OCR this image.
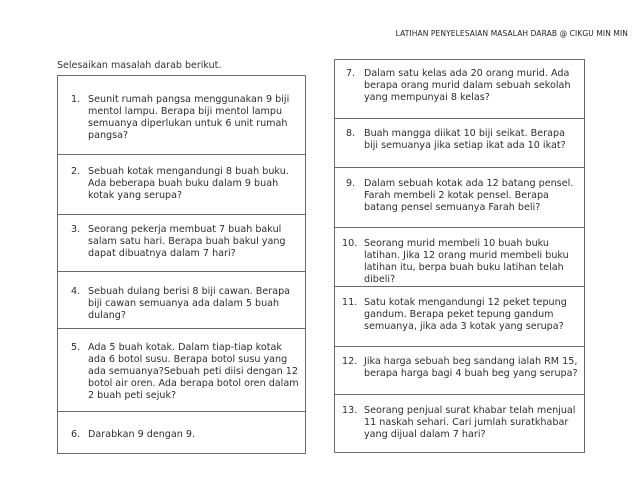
LATIHAN PENYELESAIAN MASALAH DARAB @ CIKGU MIN MIN
Selesaikan masalah darab berikut.
1. Seunit rumah pangsa menggunakan 9 biji mentol lampu. Berapa biji mentol lampu semuanya diperlukan untuk 6 unit rumah pangsa?
2. Sebuah kotak mengandungi 8 buah buku. Ada beberapa buah buku dalam 9 buah kotak yang serupa?
3. Seorang pekerja membuat 7 buah bakul salam satu hari. Berapa buah bakul yang dapat dibuatnya dalam 7 hari?
4. Sebuah dulang berisi 8 biji cawan. Berapa biji cawan semuanya ada dalam 5 buah dulang?
5. Ada 5 buah kotak. Dalam tiap-tiap kotak ada 6 botol susu. Berapa botol susu yang ada semuanya?Sebuah peti diisi dengan 12 botol air oren. Ada berapa botol oren dalam 2 buah peti sejuk?
6. Darabkan 9 dengan 9.
7. Dalam satu kelas ada 20 orang murid. Ada berapa orang murid dalam sebuah sekolah yang mempunyai 8 kelas?
8. Buah mangga diikat 10 biji seikat. Berapa biji semuanya jika setiap ikat ada 10 ikat?
9. Dalam sebuah kotak ada 12 batang pensel. Farah membeli 2 kotak pensel. Berapa batang pensel semuanya Farah beli?
10. Seorang murid membeli 10 buah buku latihan. Jika 12 orang murid membeli buku latihan itu, berpa buah buku latihan telah dibeli?
11. Satu kotak mengandungi 12 peket tepung gandum. Berapa peket tepung gandum semuanya, jika ada 3 kotak yang serupa?
12. Jika harga sebuah beg sandang ialah RM 15, berapa harga bagi 4 buah beg yang serupa?
13. Seorang penjual surat khabar telah menjual 11 naskah sehari. Cari jumlah suratkhabar yang dijual dalam 7 hari?
